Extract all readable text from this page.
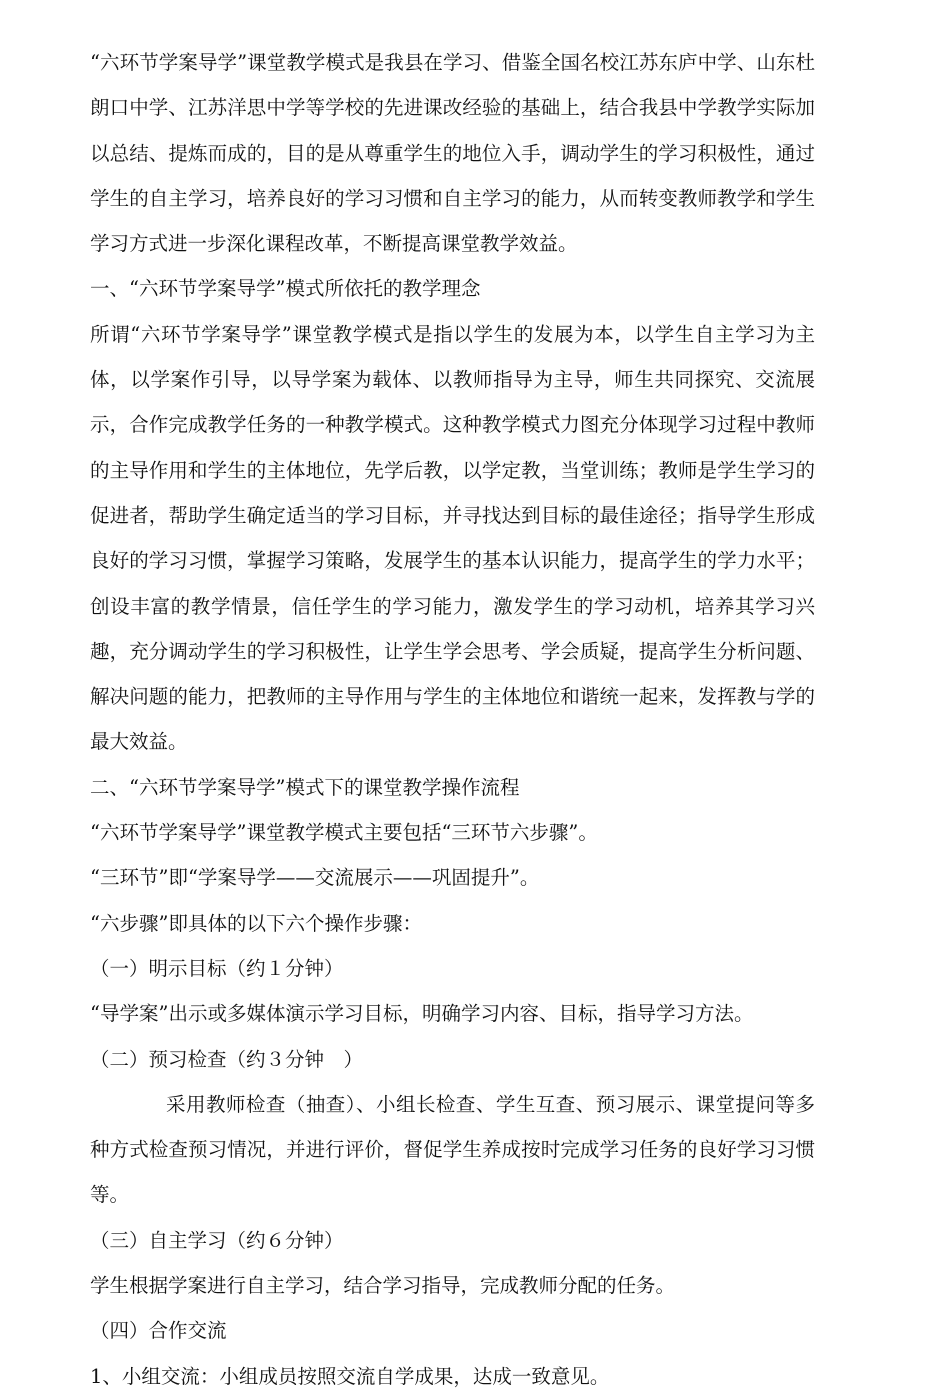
“六环节学案导学”课堂教学模式是我县在学习、借鉴全国名校江苏东庐中学、山东杜朗口中学、江苏洋思中学等学校的先进课改经验的基础上，结合我县中学教学实际加以总结、提炼而成的，目的是从尊重学生的地位入手，调动学生的学习积极性，通过学生的自主学习，培养良好的学习习惯和自主学习的能力，从而转变教师教学和学生学习方式进一步深化课程改革，不断提高课堂教学效益。

一、“六环节学案导学”模式所依托的教学理念

所谓“六环节学案导学”课堂教学模式是指以学生的发展为本，以学生自主学习为主体，以学案作引导，以导学案为载体、以教师指导为主导，师生共同探究、交流展示，合作完成教学任务的一种教学模式。这种教学模式力图充分体现学习过程中教师的主导作用和学生的主体地位，先学后教，以学定教，当堂训练；教师是学生学习的促进者，帮助学生确定适当的学习目标，并寻找达到目标的最佳途径；指导学生形成良好的学习习惯，掌握学习策略，发展学生的基本认识能力，提高学生的学力水平；创设丰富的教学情景，信任学生的学习能力，激发学生的学习动机，培养其学习兴趣，充分调动学生的学习积极性，让学生学会思考、学会质疑，提高学生分析问题、解决问题的能力，把教师的主导作用与学生的主体地位和谐统一起来，发挥教与学的最大效益。

二、“六环节学案导学”模式下的课堂教学操作流程

“六环节学案导学”课堂教学模式主要包括“三环节六步骤”。

“三环节”即“学案导学——交流展示——巩固提升”。

“六步骤”即具体的以下六个操作步骤：

（一）明示目标（约１分钟）

“导学案”出示或多媒体演示学习目标，明确学习内容、目标，指导学习方法。

（二）预习检查（约３分钟　）

采用教师检查（抽查）、小组长检查、学生互查、预习展示、课堂提问等多种方式检查预习情况，并进行评价，督促学生养成按时完成学习任务的良好学习习惯等。

（三）自主学习（约６分钟）

学生根据学案进行自主学习，结合学习指导，完成教师分配的任务。

（四）合作交流

1、小组交流：小组成员按照交流自学成果，达成一致意见。
